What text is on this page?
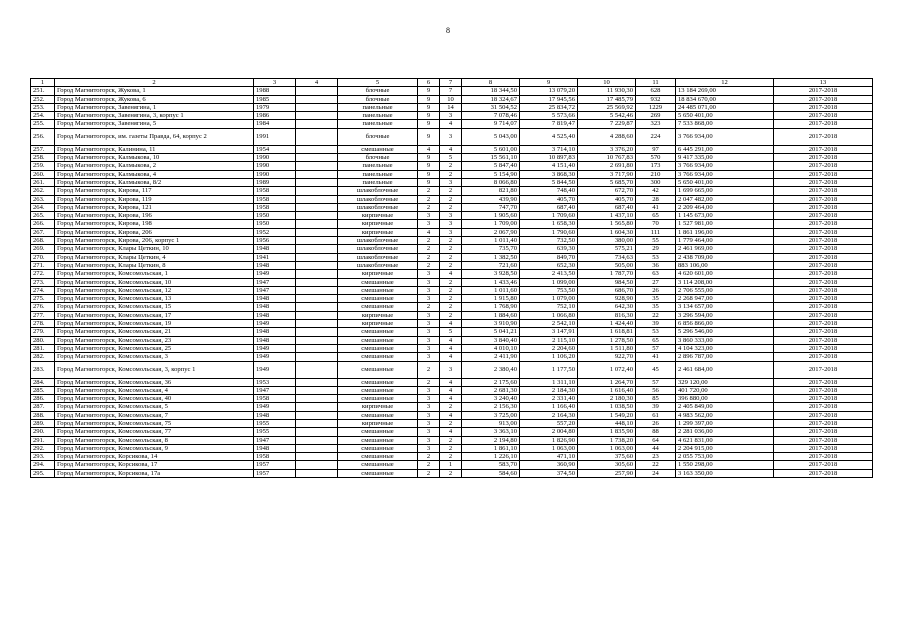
8
1	2	3	4	5	6	7	8	9	10	11	12	13
251.	Город Магнитогорск, Жукова, 1	1988		блочные	9	7	18 344,50	13 079,20	11 930,30	628	13 184 269,00	2017-2018
252.	Город Магнитогорск, Жукова, 6	1985		блочные	9	10	18 324,67	17 945,56	17 485,79	932	18 834 670,00	2017-2018
253.	Город Магнитогорск, Завенягина, 1	1979		панельные	9	14	31 504,52	25 834,72	25 569,92	1229	24 485 071,00	2017-2018
254.	Город Магнитогорск, Завенягина, 3, корпус 1	1986		панельные	9	3	7 078,46	5 573,66	5 542,46	269	5 650 401,00	2017-2018
255.	Город Магнитогорск, Завенягина, 5	1984		панельные	9	4	9 714,07	7 819,47	7 229,87	323	7 533 868,00	2017-2018
256.	Город Магнитогорск, им. газеты Правда, 64, корпус 2	1991		блочные	9	3	5 043,00	4 525,40	4 288,60	224	3 766 934,00	2017-2018
257.	Город Магнитогорск, Калинина, 11	1954		смешанные	4	4	5 601,00	3 714,10	3 376,20	97	6 445 291,00	2017-2018
258.	Город Магнитогорск, Калмыкова, 10	1990		блочные	9	5	15 561,10	10 897,83	10 767,83	570	9 417 335,00	2017-2018
259.	Город Магнитогорск, Калмыкова, 2	1990		панельные	9	2	5 847,40	4 151,40	2 691,80	173	3 766 934,00	2017-2018
260.	Город Магнитогорск, Калмыкова, 4	1990		панельные	9	2	5 154,90	3 868,30	3 717,90	210	3 766 934,00	2017-2018
261.	Город Магнитогорск, Калмыкова, 8/2	1989		панельные	9	3	8 066,80	5 844,50	5 685,70	300	5 650 401,00	2017-2018
262.	Город Магнитогорск, Кирова, 117	1958		шлакоблочные	2	2	821,80	748,40	672,70	42	1 699 665,00	2017-2018
263.	Город Магнитогорск, Кирова, 119	1958		шлакоблочные	2	2	439,90	405,70	405,70	28	2 047 482,00	2017-2018
264.	Город Магнитогорск, Кирова, 121	1958		шлакоблочные	2	2	747,70	687,40	687,40	41	2 209 464,00	2017-2018
265.	Город Магнитогорск, Кирова, 196	1950		кирпичные	3	3	1 905,60	1 709,60	1 437,10	65	1 145 673,00	2017-2018
266.	Город Магнитогорск, Кирова, 198	1950		кирпичные	3	3	1 709,00	1 658,30	1 565,80	70	1 527 981,00	2017-2018
267.	Город Магнитогорск, Кирова, 206	1952		кирпичные	4	3	2 067,90	1 790,60	1 604,30	111	1 861 196,00	2017-2018
268.	Город Магнитогорск, Кирова, 206, корпус 1	1956		шлакоблочные	2	2	1 011,40	732,50	380,00	55	1 779 464,00	2017-2018
269.	Город Магнитогорск, Клары Цеткин, 10	1948		шлакоблочные	2	2	735,70	639,30	575,21	29	2 461 969,00	2017-2018
270.	Город Магнитогорск, Клары Цеткин, 4	1941		шлакоблочные	2	2	1 382,50	849,70	734,63	53	2 438 709,00	2017-2018
271.	Город Магнитогорск, Клары Цеткин, 8	1948		шлакоблочные	2	2	721,60	652,30	505,00	36	883 106,00	2017-2018
272.	Город Магнитогорск, Комсомольская, 1	1949		кирпичные	3	4	3 928,50	2 413,50	1 787,70	63	4 620 601,00	2017-2018
273.	Город Магнитогорск, Комсомольская, 10	1947		смешанные	3	2	1 433,46	1 099,00	984,50	27	3 114 208,00	2017-2018
274.	Город Магнитогорск, Комсомольская, 12	1947		смешанные	3	2	1 011,60	753,50	686,70	26	2 706 555,00	2017-2018
275.	Город Магнитогорск, Комсомольская, 13	1948		смешанные	3	2	1 915,80	1 079,00	928,90	35	2 268 947,00	2017-2018
276.	Город Магнитогорск, Комсомольская, 15	1948		смешанные	2	2	1 768,90	752,10	642,30	35	3 134 657,00	2017-2018
277.	Город Магнитогорск, Комсомольская, 17	1948		кирпичные	3	2	1 884,60	1 066,80	816,30	22	3 296 594,00	2017-2018
278.	Город Магнитогорск, Комсомольская, 19	1949		кирпичные	3	4	3 910,90	2 542,10	1 424,40	39	6 856 866,00	2017-2018
279.	Город Магнитогорск, Комсомольская, 21	1948		смешанные	3	5	5 041,21	3 147,91	1 618,81	53	5 296 546,00	2017-2018
280.	Город Магнитогорск, Комсомольская, 23	1948		смешанные	3	4	3 840,40	2 115,10	1 278,50	65	3 860 333,00	2017-2018
281.	Город Магнитогорск, Комсомольская, 25	1949		смешанные	3	4	4 010,10	2 204,60	1 511,80	57	4 104 323,00	2017-2018
282.	Город Магнитогорск, Комсомольская, 3	1949		смешанные	3	4	2 411,90	1 106,20	922,70	41	2 896 787,00	2017-2018
283.	Город Магнитогорск, Комсомольская, 3, корпус 1	1949		смешанные	2	3	2 380,40	1 177,50	1 072,40	45	2 461 684,00	2017-2018
284.	Город Магнитогорск, Комсомольская, 36	1953		смешанные	2	4	2 175,60	1 311,10	1 264,70	57	329 120,00	2017-2018
285.	Город Магнитогорск, Комсомольская, 4	1947		смешанные	3	4	2 681,30	2 184,30	1 616,40	56	401 720,00	2017-2018
286.	Город Магнитогорск, Комсомольская, 40	1958		смешанные	3	4	3 240,40	2 331,40	2 180,30	85	396 880,00	2017-2018
287.	Город Магнитогорск, Комсомольская, 5	1949		кирпичные	3	2	2 156,30	1 166,40	1 038,50	39	2 405 849,00	2017-2018
288.	Город Магнитогорск, Комсомольская, 7	1948		смешанные	3	4	3 725,00	2 164,30	1 549,20	61	4 983 562,00	2017-2018
289.	Город Магнитогорск, Комсомольская, 75	1955		кирпичные	3	2	913,00	557,20	448,10	26	1 299 397,00	2017-2018
290.	Город Магнитогорск, Комсомольская, 77	1955		смешанные	3	4	3 363,10	2 004,80	1 835,90	88	2 281 036,00	2017-2018
291.	Город Магнитогорск, Комсомольская, 8	1947		смешанные	3	2	2 194,80	1 826,90	1 738,20	64	4 621 831,00	2017-2018
292.	Город Магнитогорск, Комсомольская, 9	1948		смешанные	3	2	1 861,10	1 063,00	1 063,00	44	2 204 915,00	2017-2018
293.	Город Магнитогорск, Корсикова, 14	1958		смешанные	2	2	1 226,10	471,10	375,60	23	2 055 753,00	2017-2018
294.	Город Магнитогорск, Корсикова, 17	1957		смешанные	2	1	583,70	360,90	305,60	22	1 550 298,00	2017-2018
295.	Город Магнитогорск, Корсикова, 17а	1957		смешанные	2	2	584,60	374,50	257,90	24	3 163 350,00	2017-2018
